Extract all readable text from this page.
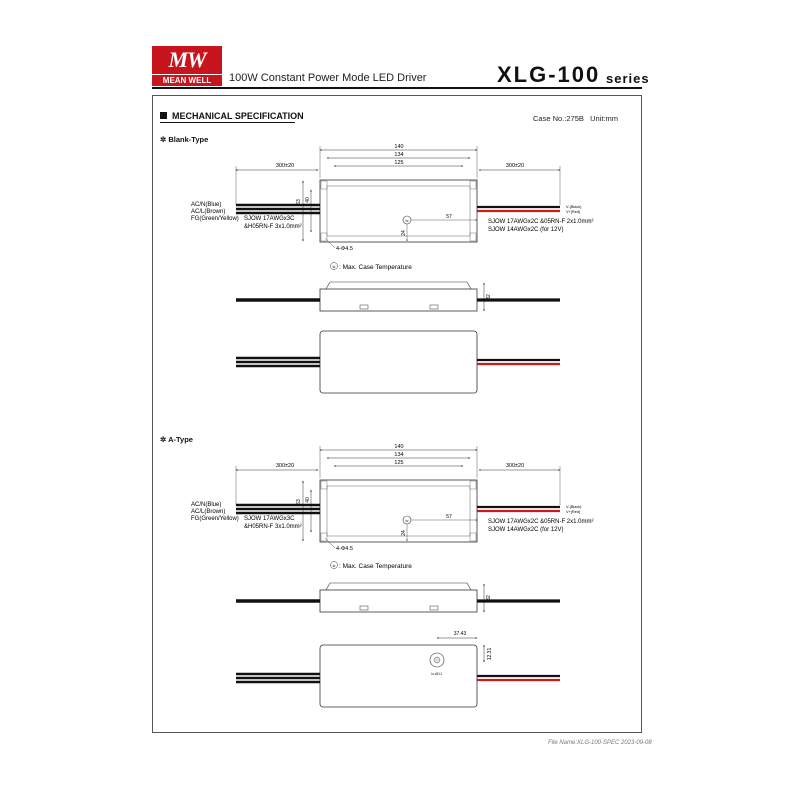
MW
MEAN WELL	100W Constant Power Mode LED Driver	XLG-100 series
MECHANICAL SPECIFICATION	Case No.:275B Unit:mm
✲ Blank-Type
✲ A-Type
140
134
125
300±20	300±20
63 40
tc
57
24
4-Φ4.5
V-(Black)
V+(Red)
AC/N(Blue)
AC/L(Brown)
FG(Green/Yellow) SJOW 17AWGx3C
&H05RN-F 3x1.0mm²
SJOW 17AWGx2C &05RN-F 2x1.0mm²
SJOW 14AWGx2C (for 12V)
tc : Max. Case Temperature
32
140
134
125
300±20	300±20
63 40
tc
57
24
4-Φ4.5
V-(Black)
V+(Red)
AC/N(Blue)
AC/L(Brown)
FG(Green/Yellow) SJOW 17AWGx3C
&H05RN-F 3x1.0mm²
SJOW 17AWGx2C &05RN-F 2x1.0mm²
SJOW 14AWGx2C (for 12V)
tc : Max. Case Temperature
32
37.43
12.31
Io ADJ.
File Name:XLG-100-SPEC 2023-09-08
